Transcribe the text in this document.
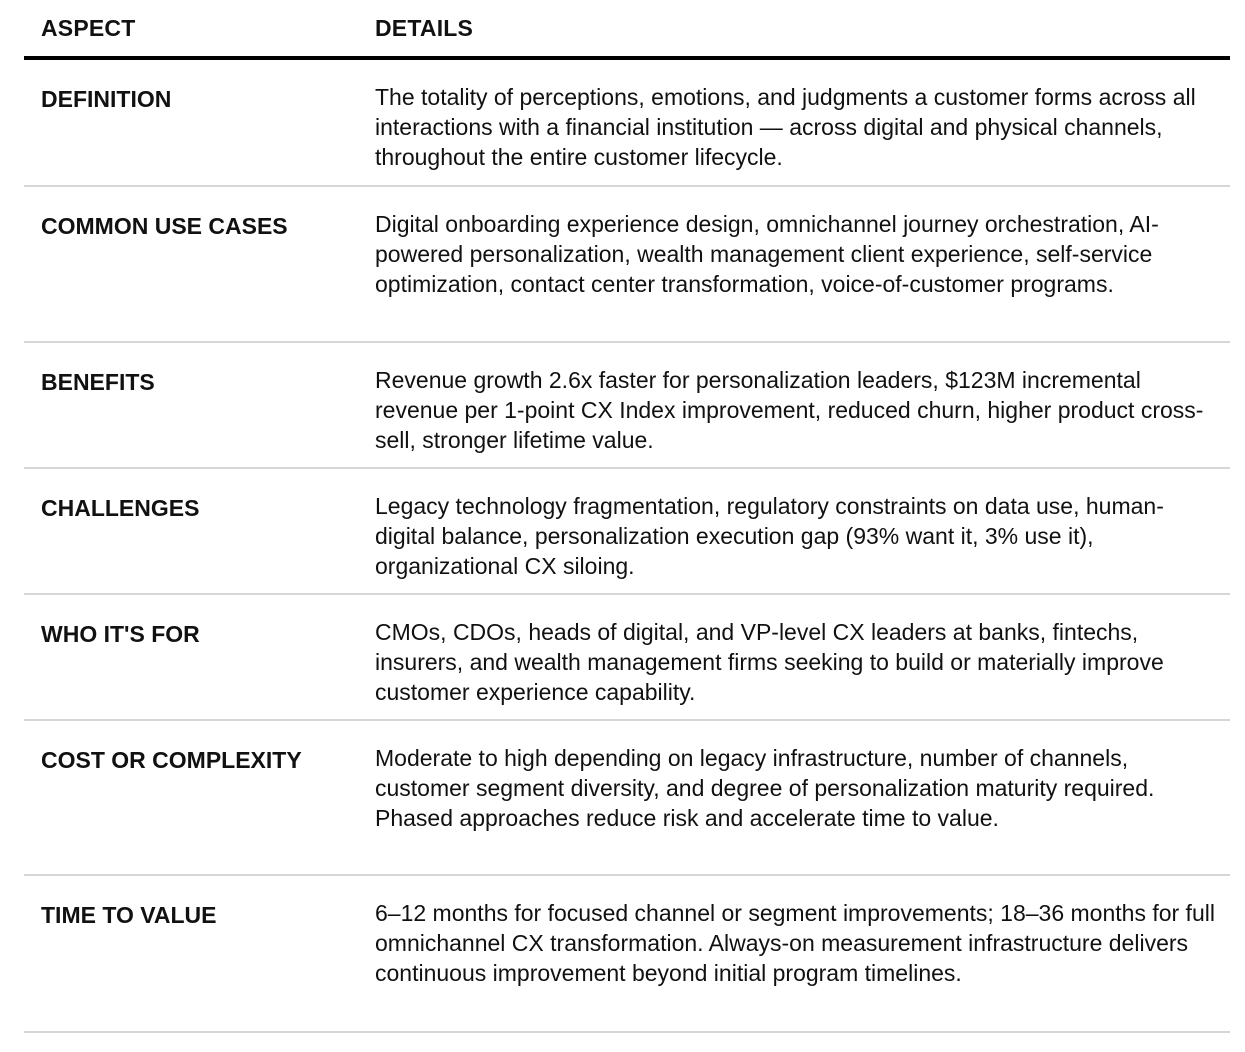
ASPECT	DETAILS
DEFINITION	The totality of perceptions, emotions, and judgments a customer forms across all interactions with a financial institution — across digital and physical channels, throughout the entire customer lifecycle.
COMMON USE CASES	Digital onboarding experience design, omnichannel journey orchestration, AI-powered personalization, wealth management client experience, self-service optimization, contact center transformation, voice-of-customer programs.
BENEFITS	Revenue growth 2.6x faster for personalization leaders, $123M incremental revenue per 1-point CX Index improvement, reduced churn, higher product cross-sell, stronger lifetime value.
CHALLENGES	Legacy technology fragmentation, regulatory constraints on data use, human-digital balance, personalization execution gap (93% want it, 3% use it), organizational CX siloing.
WHO IT'S FOR	CMOs, CDOs, heads of digital, and VP-level CX leaders at banks, fintechs, insurers, and wealth management firms seeking to build or materially improve customer experience capability.
COST OR COMPLEXITY	Moderate to high depending on legacy infrastructure, number of channels, customer segment diversity, and degree of personalization maturity required. Phased approaches reduce risk and accelerate time to value.
TIME TO VALUE	6–12 months for focused channel or segment improvements; 18–36 months for full omnichannel CX transformation. Always-on measurement infrastructure delivers continuous improvement beyond initial program timelines.
